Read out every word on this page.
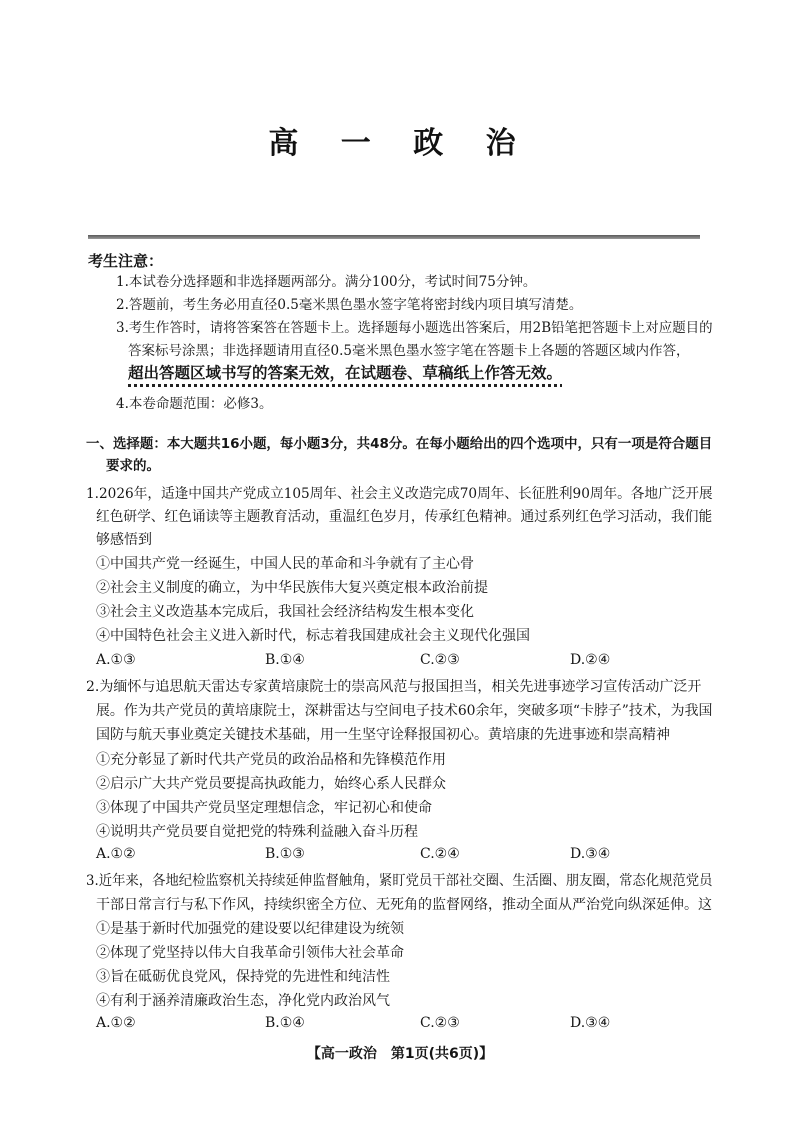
高 一 政 治
考生注意：
1.本试卷分选择题和非选择题两部分。满分100分，考试时间75分钟。
2.答题前，考生务必用直径0.5毫米黑色墨水签字笔将密封线内项目填写清楚。
3.考生作答时，请将答案答在答题卡上。选择题每小题选出答案后，用2B铅笔把答题卡上对应题目的
答案标号涂黑；非选择题请用直径0.5毫米黑色墨水签字笔在答题卡上各题的答题区域内作答，
超出答题区域书写的答案无效，在试题卷、草稿纸上作答无效。
4.本卷命题范围：必修3。
一、选择题：本大题共16小题，每小题3分，共48分。在每小题给出的四个选项中，只有一项是符合题目
要求的。
1.2026年，适逢中国共产党成立105周年、社会主义改造完成70周年、长征胜利90周年。各地广泛开展
红色研学、红色诵读等主题教育活动，重温红色岁月，传承红色精神。通过系列红色学习活动，我们能
够感悟到
①中国共产党一经诞生，中国人民的革命和斗争就有了主心骨
②社会主义制度的确立，为中华民族伟大复兴奠定根本政治前提
③社会主义改造基本完成后，我国社会经济结构发生根本变化
④中国特色社会主义进入新时代，标志着我国建成社会主义现代化强国
A.①③	B.①④	C.②③	D.②④
2.为缅怀与追思航天雷达专家黄培康院士的崇高风范与报国担当，相关先进事迹学习宣传活动广泛开
展。作为共产党员的黄培康院士，深耕雷达与空间电子技术60余年，突破多项“卡脖子”技术，为我国
国防与航天事业奠定关键技术基础，用一生坚守诠释报国初心。黄培康的先进事迹和崇高精神
①充分彰显了新时代共产党员的政治品格和先锋模范作用
②启示广大共产党员要提高执政能力，始终心系人民群众
③体现了中国共产党员坚定理想信念，牢记初心和使命
④说明共产党员要自觉把党的特殊利益融入奋斗历程
A.①②	B.①③	C.②④	D.③④
3.近年来，各地纪检监察机关持续延伸监督触角，紧盯党员干部社交圈、生活圈、朋友圈，常态化规范党员
干部日常言行与私下作风，持续织密全方位、无死角的监督网络，推动全面从严治党向纵深延伸。这
①是基于新时代加强党的建设要以纪律建设为统领
②体现了党坚持以伟大自我革命引领伟大社会革命
③旨在砥砺优良党风，保持党的先进性和纯洁性
④有利于涵养清廉政治生态，净化党内政治风气
A.①②	B.①④	C.②③	D.③④
【高一政治　第1页(共6页)】
